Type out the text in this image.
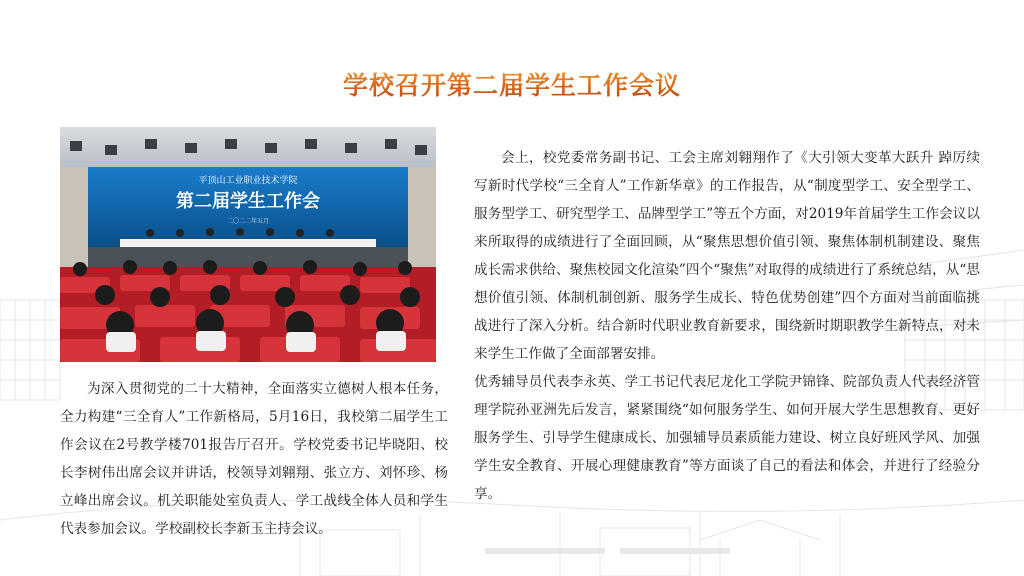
学校召开第二届学生工作会议
平顶山工业职业技术学院
第二届学生工作会
二〇二二年五月

为深入贯彻党的二十大精神，全面落实立德树人根本任务，全力构建“三全育人”工作新格局，5月16日，我校第二届学生工作会议在2号教学楼701报告厅召开。学校党委书记毕晓阳、校长李树伟出席会议并讲话，校领导刘翱翔、张立方、刘怀珍、杨立峰出席会议。机关职能处室负责人、学工战线全体人员和学生代表参加会议。学校副校长李新玉主持会议。

会上，校党委常务副书记、工会主席刘翱翔作了《大引领大变革大跃升 踔厉续写新时代学校“三全育人”工作新华章》的工作报告，从“制度型学工、安全型学工、服务型学工、研究型学工、品牌型学工”等五个方面，对2019年首届学生工作会议以来所取得的成绩进行了全面回顾，从“聚焦思想价值引领、聚焦体制机制建设、聚焦成长需求供给、聚焦校园文化渲染”四个“聚焦”对取得的成绩进行了系统总结，从“思想价值引领、体制机制创新、服务学生成长、特色优势创建”四个方面对当前面临挑战进行了深入分析。结合新时代职业教育新要求，围绕新时期职教学生新特点，对未来学生工作做了全面部署安排。

优秀辅导员代表李永英、学工书记代表尼龙化工学院尹锦锋、院部负责人代表经济管理学院孙亚洲先后发言，紧紧围绕“如何服务学生、如何开展大学生思想教育、更好服务学生、引导学生健康成长、加强辅导员素质能力建设、树立良好班风学风、加强学生安全教育、开展心理健康教育”等方面谈了自己的看法和体会，并进行了经验分享。
